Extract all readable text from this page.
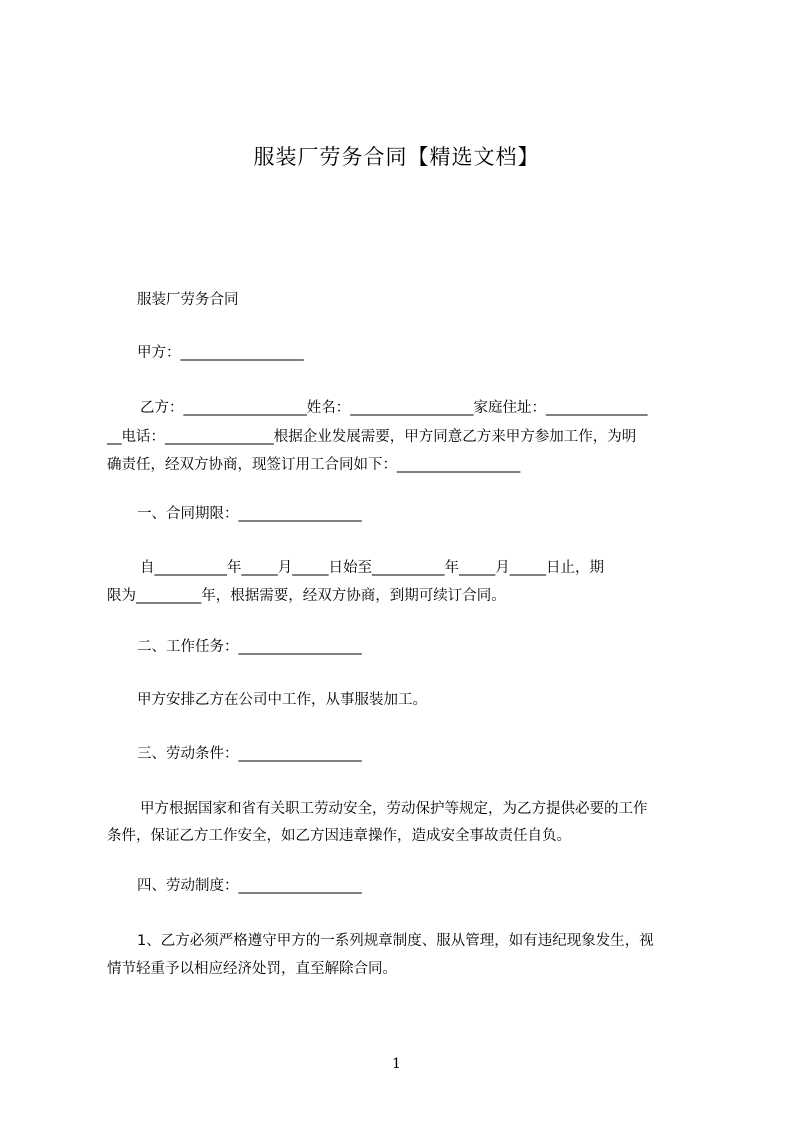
服装厂劳务合同【精选文档】
服装厂劳务合同
甲方：_________________
乙方：_________________姓名：_________________家庭住址：______________
__电话：_______________根据企业发展需要，甲方同意乙方来甲方参加工作，为明
确责任，经双方协商，现签订用工合同如下：_________________
一、合同期限：_________________
自__________年_____月_____日始至__________年_____月_____日止，期
限为_________年，根据需要，经双方协商，到期可续订合同。
二、工作任务：_________________
甲方安排乙方在公司中工作，从事服装加工。
三、劳动条件：_________________
甲方根据国家和省有关职工劳动安全，劳动保护等规定，为乙方提供必要的工作
条件，保证乙方工作安全，如乙方因违章操作，造成安全事故责任自负。
四、劳动制度：_________________
1、乙方必须严格遵守甲方的一系列规章制度、服从管理，如有违纪现象发生，视
情节轻重予以相应经济处罚，直至解除合同。
1
